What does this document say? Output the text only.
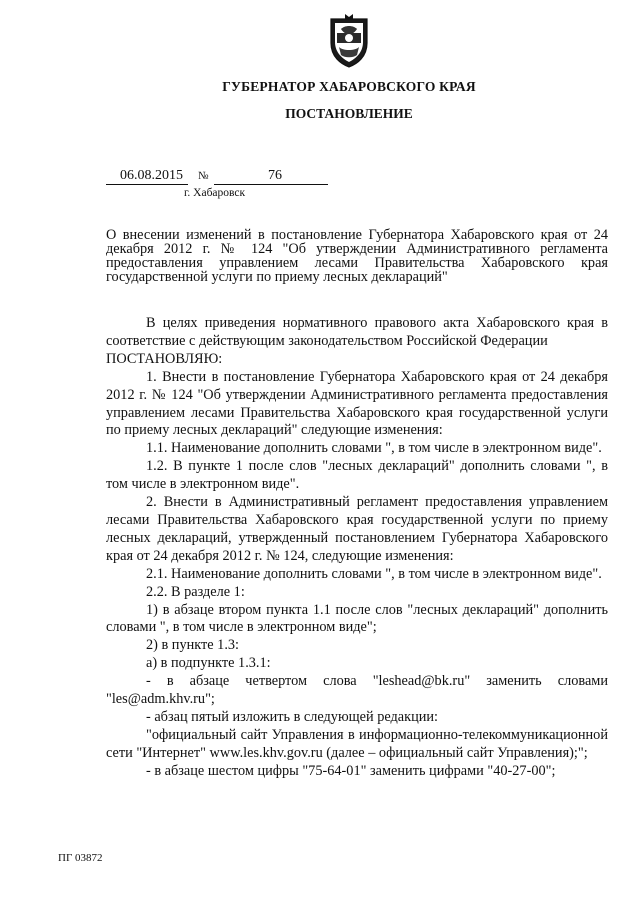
ГУБЕРНАТОР ХАБАРОВСКОГО КРАЯ
ПОСТАНОВЛЕНИЕ
06.08.2015 №	76
г. Хабаровск
О внесении изменений в постановление Губернатора Хабаровского края от 24 декабря 2012 г. № 124 "Об утверждении Административного регламента предоставления управлением лесами Правительства Хабаровского края государственной услуги по приему лесных деклараций"

В целях приведения нормативного правового акта Хабаровского края в соответствие с действующим законодательством Российской Федерации

ПОСТАНОВЛЯЮ:

1. Внести в постановление Губернатора Хабаровского края от 24 декабря 2012 г. № 124 "Об утверждении Административного регламента предоставления управлением лесами Правительства Хабаровского края государственной услуги по приему лесных деклараций" следующие изменения:

1.1. Наименование дополнить словами ", в том числе в электронном виде".

1.2. В пункте 1 после слов "лесных деклараций" дополнить словами ", в том числе в электронном виде".

2. Внести в Административный регламент предоставления управлением лесами Правительства Хабаровского края государственной услуги по приему лесных деклараций, утвержденный постановлением Губернатора Хабаровского края от 24 декабря 2012 г. № 124, следующие изменения:

2.1. Наименование дополнить словами ", в том числе в электронном виде".

2.2. В разделе 1:

1) в абзаце втором пункта 1.1 после слов "лесных деклараций" дополнить словами ", в том числе в электронном виде";

2) в пункте 1.3:

а) в подпункте 1.3.1:

- в абзаце четвертом слова "leshead@bk.ru" заменить словами "les@adm.khv.ru";

- абзац пятый изложить в следующей редакции:

"официальный сайт Управления в информационно-телекоммуникационной сети "Интернет" www.les.khv.gov.ru (далее – официальный сайт Управления);";

- в абзаце шестом цифры "75-64-01" заменить цифрами "40-27-00";

ПГ 03872
